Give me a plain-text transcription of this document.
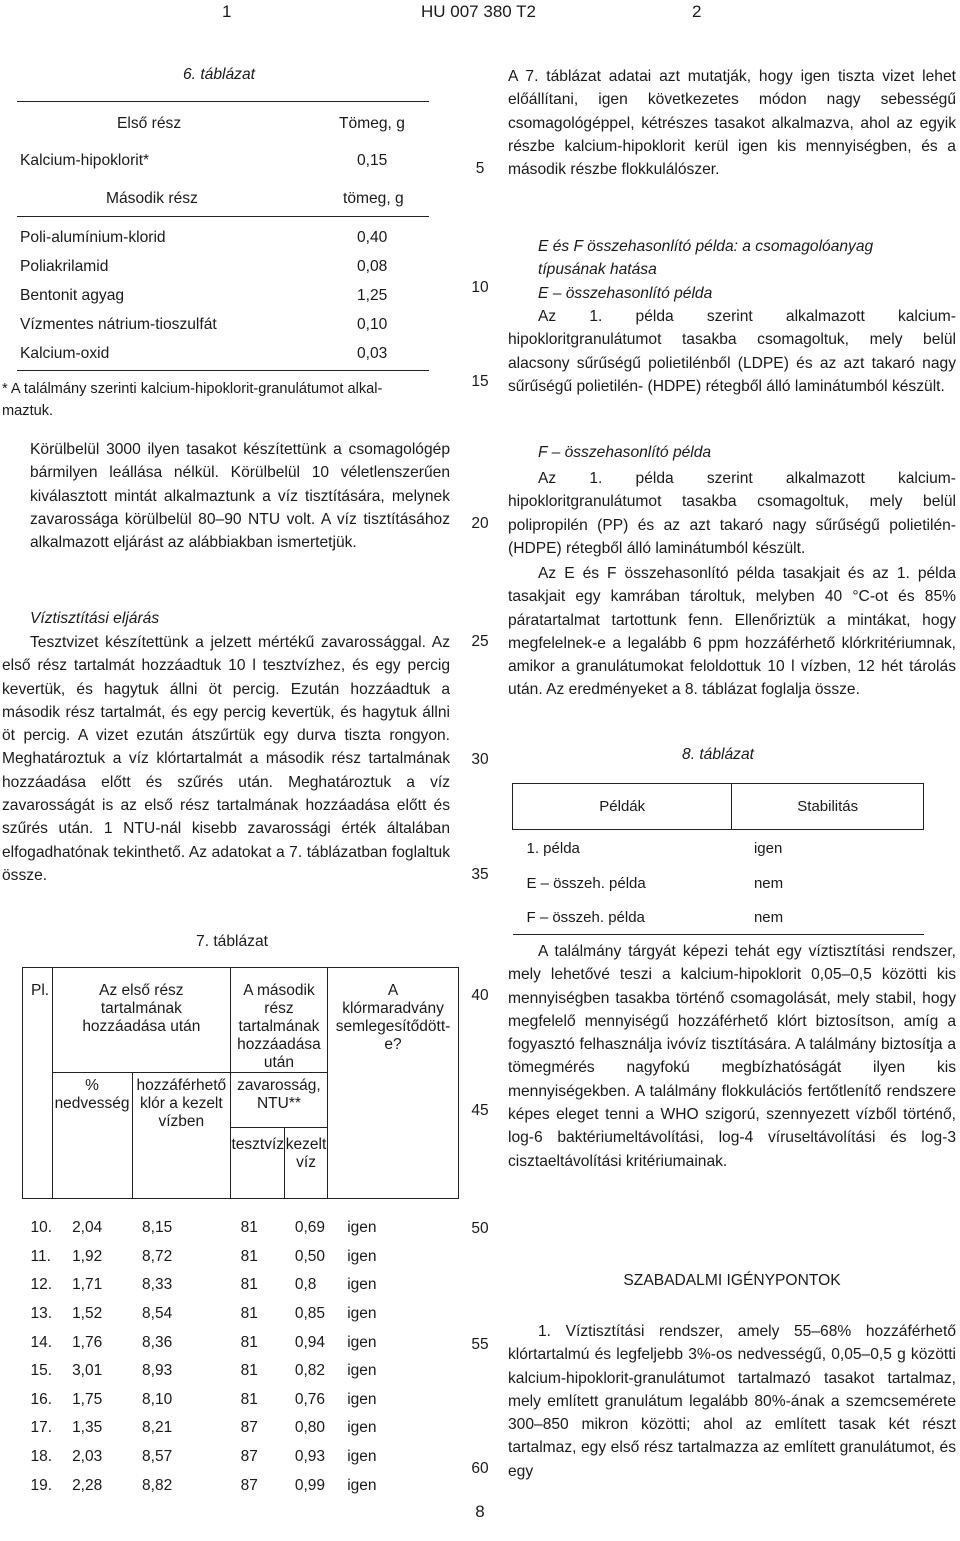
1	HU 007 380 T2	2
6. táblázat
Első rész	Tömeg, g
Kalcium-hipoklorit*	0,15
Második rész	tömeg, g
Poli-alumínium-klorid	0,40
Poliakrilamid	0,08
Bentonit agyag	1,25
Vízmentes nátrium-tioszulfát	0,10
Kalcium-oxid	0,03
* A találmány szerinti kalcium-hipoklorit-granulátumot alkal-
maztuk.
Körülbelül 3000 ilyen tasakot készítettünk a csomagológép bármilyen leállása nélkül. Körülbelül 10 véletlenszerűen kiválasztott mintát alkalmaztunk a víz tisztítására, melynek zavarossága körülbelül 80–90 NTU volt. A víz tisztításához alkalmazott eljárást az alábbiakban ismertetjük.
Víztisztítási eljárás
Tesztvizet készítettünk a jelzett mértékű zavarossággal. Az első rész tartalmát hozzáadtuk 10 l tesztvízhez, és egy percig kevertük, és hagytuk állni öt percig. Ezután hozzáadtuk a második rész tartalmát, és egy percig kevertük, és hagytuk állni öt percig. A vizet ezután átszűrtük egy durva tiszta rongyon. Meghatároztuk a víz klórtartalmát a második rész tartalmának hozzáadása előtt és szűrés után. Meghatároztuk a víz zavarosságát is az első rész tartalmának hozzáadása előtt és szűrés után. 1 NTU-nál kisebb zavarossági érték általában elfogadhatónak tekinthető. Az adatokat a 7. táblázatban foglaltuk össze.
7. táblázat
Pl.	Az első rész tartalmának hozzáadása után		A második rész tartalmának hozzáadása után		A klórmaradvány semlegesítődött-e?
	% nedvesség	hozzáférhető klór a kezelt vízben	zavarosság, NTU**		
			tesztvíz	kezelt víz	
10.	2,04	8,15	81	0,69	igen
11.	1,92	8,72	81	0,50	igen
12.	1,71	8,33	81	0,8	igen
13.	1,52	8,54	81	0,85	igen
14.	1,76	8,36	81	0,94	igen
15.	3,01	8,93	81	0,82	igen
16.	1,75	8,10	81	0,76	igen
17.	1,35	8,21	87	0,80	igen
18.	2,03	8,57	87	0,93	igen
19.	2,28	8,82	87	0,99	igen
5
10
15
20
25
30
35
40
45
50
55
60
A 7. táblázat adatai azt mutatják, hogy igen tiszta vizet lehet előállítani, igen következetes módon nagy sebességű csomagológéppel, kétrészes tasakot alkalmazva, ahol az egyik részbe kalcium-hipoklorit kerül igen kis mennyiségben, és a második részbe flokkulálószer.
E és F összehasonlító példa: a csomagolóanyag
típusának hatása
E – összehasonlító példa
Az 1. példa szerint alkalmazott kalcium-hipokloritgranulátumot tasakba csomagoltuk, mely belül alacsony sűrűségű polietilénből (LDPE) és az azt takaró nagy sűrűségű polietilén- (HDPE) rétegből álló laminátumból készült.
F – összehasonlító példa
Az 1. példa szerint alkalmazott kalcium-hipokloritgranulátumot tasakba csomagoltuk, mely belül polipropilén (PP) és az azt takaró nagy sűrűségű polietilén- (HDPE) rétegből álló laminátumból készült.
Az E és F összehasonlító példa tasakjait és az 1. példa tasakjait egy kamrában tároltuk, melyben 40 °C-ot és 85% páratartalmat tartottunk fenn. Ellenőriztük a mintákat, hogy megfelelnek-e a legalább 6 ppm hozzáférhető klórkritériumnak, amikor a granulátumokat feloldottuk 10 l vízben, 12 hét tárolás után. Az eredményeket a 8. táblázat foglalja össze.
8. táblázat
Példák	Stabilitás
1. példa	igen
E – összeh. példa	nem
F – összeh. példa	nem
A találmány tárgyát képezi tehát egy víztisztítási rendszer, mely lehetővé teszi a kalcium-hipoklorit 0,05–0,5 közötti kis mennyiségben tasakba történő csomagolását, mely stabil, hogy megfelelő mennyiségű hozzáférhető klórt biztosítson, amíg a fogyasztó felhasználja ivóvíz tisztítására. A találmány biztosítja a tömegmérés nagyfokú megbízhatóságát ilyen kis mennyiségekben. A találmány flokkulációs fertőtlenítő rendszere képes eleget tenni a WHO szigorú, szennyezett vízből történő, log-6 baktériumeltávolítási, log-4 víruseltávolítási és log-3 cisztaeltávolítási kritériumainak.
SZABADALMI IGÉNYPONTOK
1. Víztisztítási rendszer, amely 55–68% hozzáférhető klórtartalmú és legfeljebb 3%-os nedvességű, 0,05–0,5 g közötti kalcium-hipoklorit-granulátumot tartalmazó tasakot tartalmaz, mely említett granulátum legalább 80%-ának a szemcsemérete 300–850 mikron közötti; ahol az említett tasak két részt tartalmaz, egy első rész tartalmazza az említett granulátumot, és egy
8
